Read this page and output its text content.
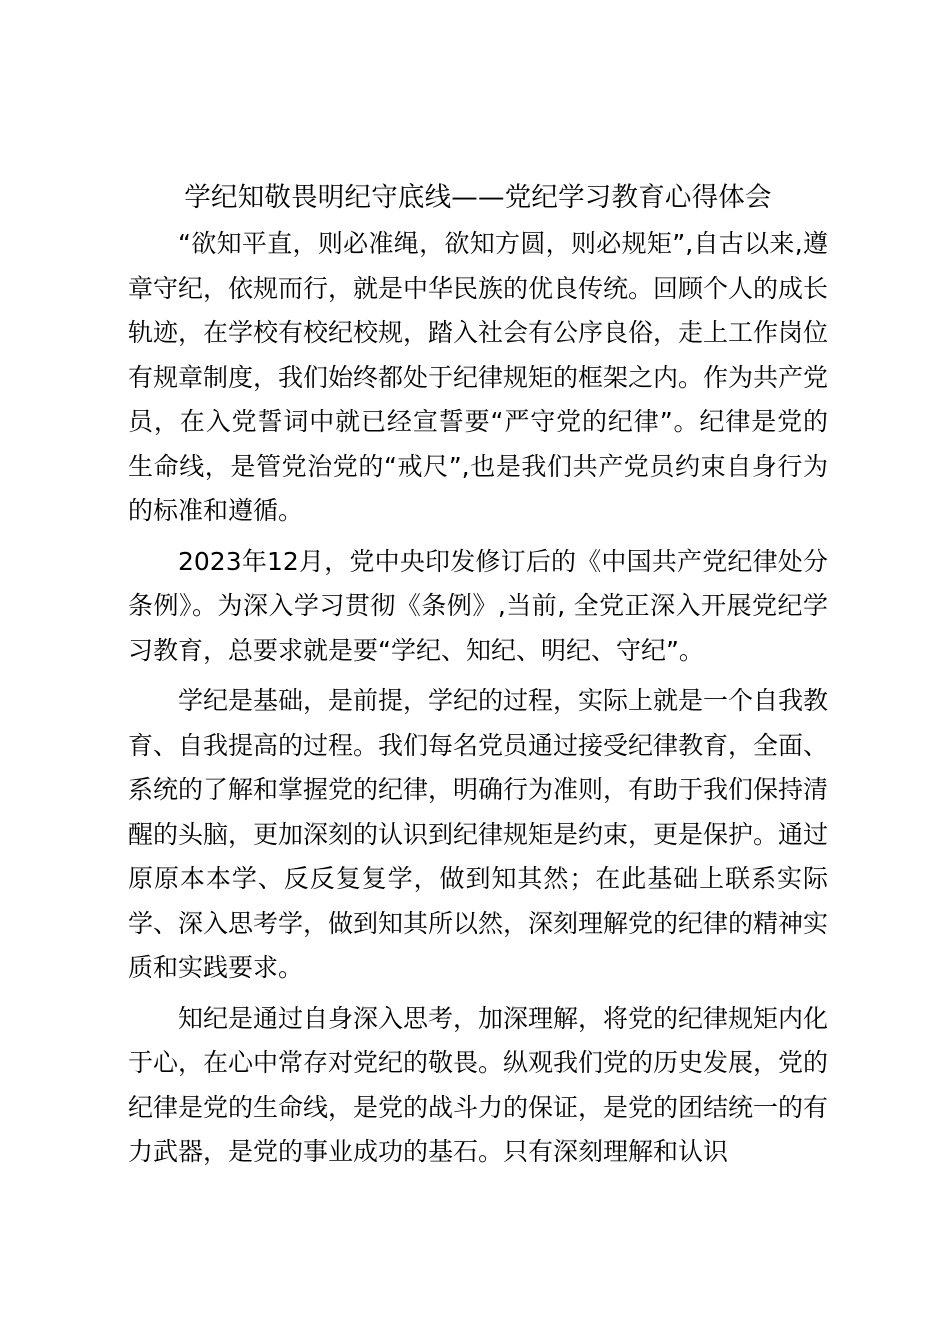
学纪知敬畏明纪守底线——党纪学习教育心得体会

“欲知平直，则必准绳，欲知方圆，则必规矩”,自古以来,遵章守纪，依规而行，就是中华民族的优良传统。回顾个人的成长轨迹，在学校有校纪校规，踏入社会有公序良俗，走上工作岗位有规章制度，我们始终都处于纪律规矩的框架之内。作为共产党员，在入党誓词中就已经宣誓要“严守党的纪律”。纪律是党的生命线，是管党治党的“戒尺”,也是我们共产党员约束自身行为的标准和遵循。

2023年12月，党中央印发修订后的《中国共产党纪律处分条例》。为深入学习贯彻《条例》,当前, 全党正深入开展党纪学习教育，总要求就是要“学纪、知纪、明纪、守纪”。

学纪是基础，是前提，学纪的过程，实际上就是一个自我教育、自我提高的过程。我们每名党员通过接受纪律教育，全面、系统的了解和掌握党的纪律，明确行为准则，有助于我们保持清醒的头脑，更加深刻的认识到纪律规矩是约束，更是保护。通过原原本本学、反反复复学，做到知其然；在此基础上联系实际学、深入思考学，做到知其所以然，深刻理解党的纪律的精神实质和实践要求。

知纪是通过自身深入思考，加深理解，将党的纪律规矩内化于心，在心中常存对党纪的敬畏。纵观我们党的历史发展，党的纪律是党的生命线，是党的战斗力的保证，是党的团结统一的有力武器，是党的事业成功的基石。只有深刻理解和认识
